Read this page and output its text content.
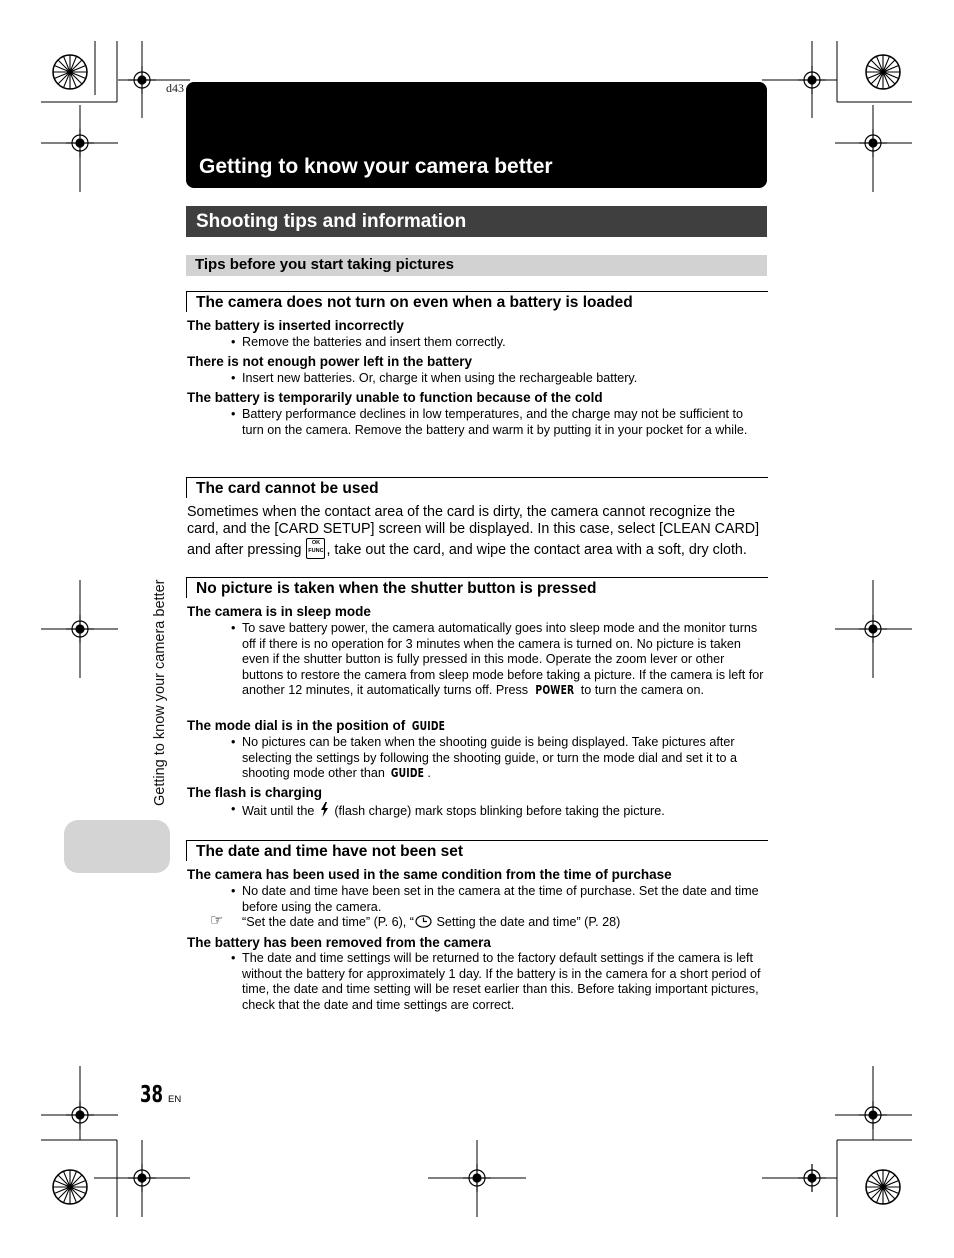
d43
Getting to know your camera better
Shooting tips and information
Tips before you start taking pictures
The camera does not turn on even when a battery is loaded
The battery is inserted incorrectly
• Remove the batteries and insert them correctly.
There is not enough power left in the battery
• Insert new batteries. Or, charge it when using the rechargeable battery.
The battery is temporarily unable to function because of the cold
• Battery performance declines in low temperatures, and the charge may not be sufficient to turn on the camera. Remove the battery and warm it by putting it in your pocket for a while.
The card cannot be used
Sometimes when the contact area of the card is dirty, the camera cannot recognize the card, and the [CARD SETUP] screen will be displayed. In this case, select [CLEAN CARD] and after pressing	OK
FUNC , take out the card, and wipe the contact area with a soft, dry cloth.
No picture is taken when the shutter button is pressed
The camera is in sleep mode
• To save battery power, the camera automatically goes into sleep mode and the monitor turns off if there is no operation for 3 minutes when the camera is turned on. No picture is taken even if the shutter button is fully pressed in this mode. Operate the zoom lever or other buttons to restore the camera from sleep mode before taking a picture. If the camera is left for another 12 minutes, it automatically turns off. Press POWER to turn the camera on.
The mode dial is in the position of GUIDE
• No pictures can be taken when the shooting guide is being displayed. Take pictures after selecting the settings by following the shooting guide, or turn the mode dial and set it to a shooting mode other than GUIDE .
The flash is charging
• Wait until the (flash charge) mark stops blinking before taking the picture.
The date and time have not been set
The camera has been used in the same condition from the time of purchase
• No date and time have been set in the camera at the time of purchase. Set the date and time before using the camera.
☞ “Set the date and time” (P. 6), “ Setting the date and time” (P. 28)
The battery has been removed from the camera
• The date and time settings will be returned to the factory default settings if the camera is left without the battery for approximately 1 day. If the battery is in the camera for a short period of time, the date and time setting will be reset earlier than this. Before taking important pictures, check that the date and time settings are correct.
Getting to know your camera better
38 EN
